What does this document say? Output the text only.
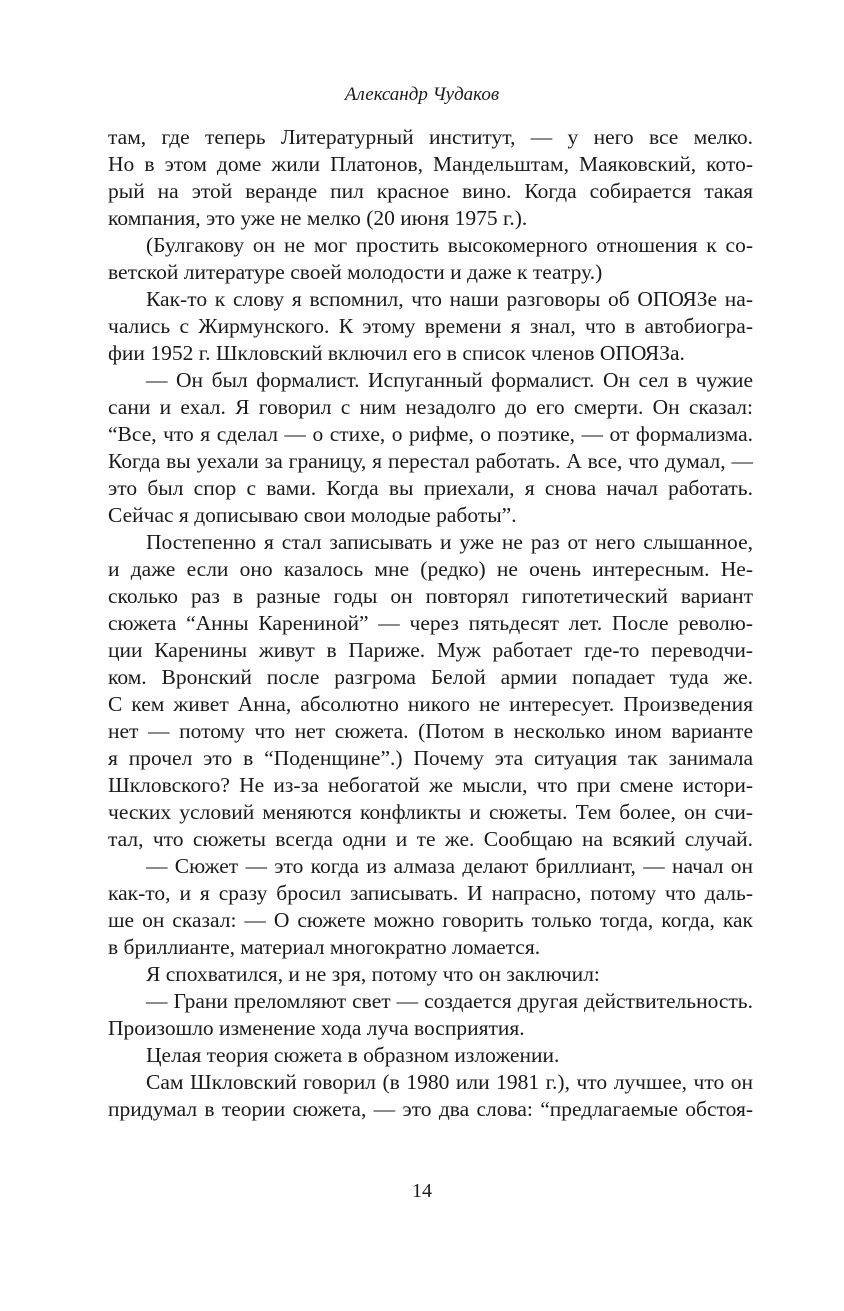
Александр Чудаков
там, где теперь Литературный институт, — у него все мелко.
Но в этом доме жили Платонов, Мандельштам, Маяковский, кото-
рый на этой веранде пил красное вино. Когда собирается такая
компания, это уже не мелко (20 июня 1975 г.).
(Булгакову он не мог простить высокомерного отношения к со-
ветской литературе своей молодости и даже к театру.)
Как-то к слову я вспомнил, что наши разговоры об ОПОЯЗе на-
чались с Жирмунского. К этому времени я знал, что в автобиогра-
фии 1952 г. Шкловский включил его в список членов ОПОЯЗа.
— Он был формалист. Испуганный формалист. Он сел в чужие
сани и ехал. Я говорил с ним незадолго до его смерти. Он сказал:
“Все, что я сделал — о стихе, о рифме, о поэтике, — от формализма.
Когда вы уехали за границу, я перестал работать. А все, что думал, —
это был спор с вами. Когда вы приехали, я снова начал работать.
Сейчас я дописываю свои молодые работы”.
Постепенно я стал записывать и уже не раз от него слышанное,
и даже если оно казалось мне (редко) не очень интересным. Не-
сколько раз в разные годы он повторял гипотетический вариант
сюжета “Анны Карениной” — через пятьдесят лет. После револю-
ции Каренины живут в Париже. Муж работает где-то переводчи-
ком. Вронский после разгрома Белой армии попадает туда же.
С кем живет Анна, абсолютно никого не интересует. Произведения
нет — потому что нет сюжета. (Потом в несколько ином варианте
я прочел это в “Поденщине”.) Почему эта ситуация так занимала
Шкловского? Не из-за небогатой же мысли, что при смене истори-
ческих условий меняются конфликты и сюжеты. Тем более, он счи-
тал, что сюжеты всегда одни и те же. Сообщаю на всякий случай.
— Сюжет — это когда из алмаза делают бриллиант, — начал он
как-то, и я сразу бросил записывать. И напрасно, потому что даль-
ше он сказал: — О сюжете можно говорить только тогда, когда, как
в бриллианте, материал многократно ломается.
Я спохватился, и не зря, потому что он заключил:
— Грани преломляют свет — создается другая действительность.
Произошло изменение хода луча восприятия.
Целая теория сюжета в образном изложении.
Сам Шкловский говорил (в 1980 или 1981 г.), что лучшее, что он
придумал в теории сюжета, — это два слова: “предлагаемые обстоя-
14
